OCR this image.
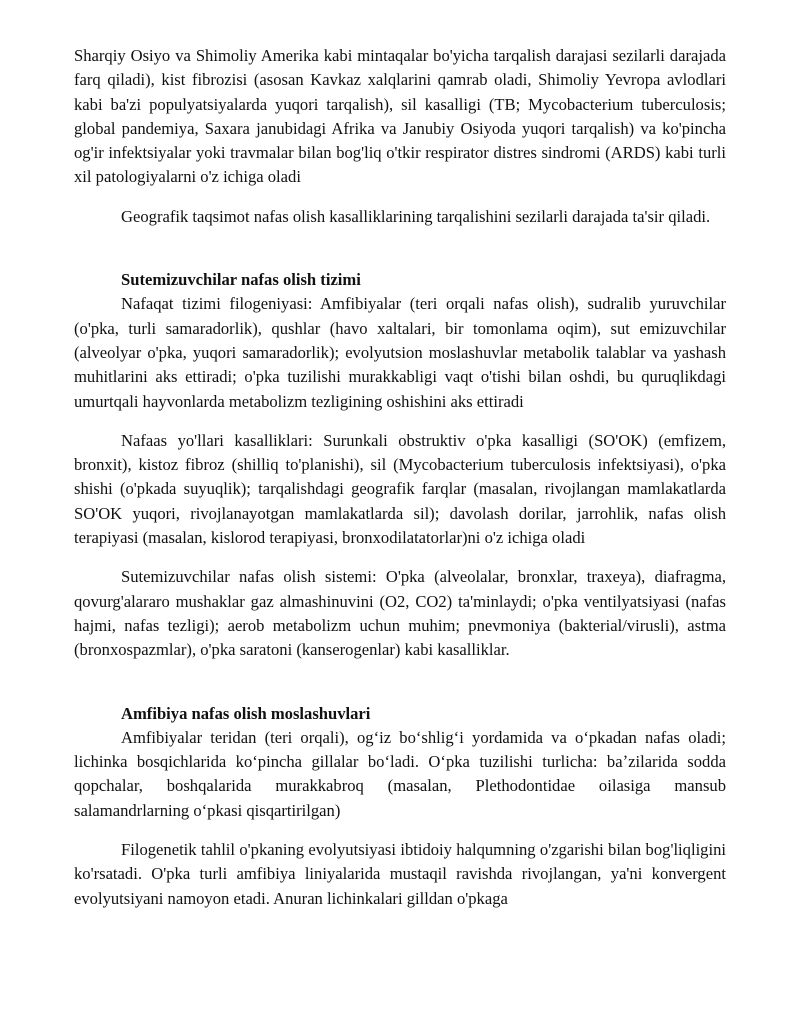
Sharqiy Osiyo va Shimoliy Amerika kabi mintaqalar bo'yicha tarqalish darajasi sezilarli darajada farq qiladi), kist fibrozisi (asosan Kavkaz xalqlarini qamrab oladi, Shimoliy Yevropa avlodlari kabi ba'zi populyatsiyalarda yuqori tarqalish), sil kasalligi (TB; Mycobacterium tuberculosis; global pandemiya, Saxara janubidagi Afrika va Janubiy Osiyoda yuqori tarqalish) va ko'pincha og'ir infektsiyalar yoki travmalar bilan bog'liq o'tkir respirator distres sindromi (ARDS) kabi turli xil patologiyalarni o'z ichiga oladi

Geografik taqsimot nafas olish kasalliklarining tarqalishini sezilarli darajada ta'sir qiladi.

Sutemizuvchilar nafas olish tizimi

Nafaqat tizimi filogeniyasi: Amfibiyalar (teri orqali nafas olish), sudralib yuruvchilar (o'pka, turli samaradorlik), qushlar (havo xaltalari, bir tomonlama oqim), sut emizuvchilar (alveolyar o'pka, yuqori samaradorlik); evolyutsion moslashuvlar metabolik talablar va yashash muhitlarini aks ettiradi; o'pka tuzilishi murakkabligi vaqt o'tishi bilan oshdi, bu quruqlikdagi umurtqali hayvonlarda metabolizm tezligining oshishini aks ettiradi

Nafaas yo'llari kasalliklari: Surunkali obstruktiv o'pka kasalligi (SO'OK) (emfizem, bronxit), kistoz fibroz (shilliq to'planishi), sil (Mycobacterium tuberculosis infektsiyasi), o'pka shishi (o'pkada suyuqlik); tarqalishdagi geografik farqlar (masalan, rivojlangan mamlakatlarda SO'OK yuqori, rivojlanayotgan mamlakatlarda sil); davolash dorilar, jarrohlik, nafas olish terapiyasi (masalan, kislorod terapiyasi, bronxodilatatorlar)ni o'z ichiga oladi

Sutemizuvchilar nafas olish sistemi: O'pka (alveolalar, bronxlar, traxeya), diafragma, qovurg'alararo mushaklar gaz almashinuvini (O2, CO2) ta'minlaydi; o'pka ventilyatsiyasi (nafas hajmi, nafas tezligi); aerob metabolizm uchun muhim; pnevmoniya (bakterial/virusli), astma (bronxospazmlar), o'pka saratoni (kanserogenlar) kabi kasalliklar.

Amfibiya nafas olish moslashuvlari

Amfibiyalar teridan (teri orqali), ogʻiz boʻshligʻi yordamida va oʻpkadan nafas oladi; lichinka bosqichlarida koʻpincha gillalar boʻladi. Oʻpka tuzilishi turlicha: baʼzilarida sodda qopchalar, boshqalarida murakkabroq (masalan, Plethodontidae oilasiga mansub salamandrlarning oʻpkasi qisqartirilgan)

Filogenetik tahlil o'pkaning evolyutsiyasi ibtidoiy halqumning o'zgarishi bilan bog'liqligini ko'rsatadi. O'pka turli amfibiya liniyalarida mustaqil ravishda rivojlangan, ya'ni konvergent evolyutsiyani namoyon etadi. Anuran lichinkalari gilldan o'pkaga
